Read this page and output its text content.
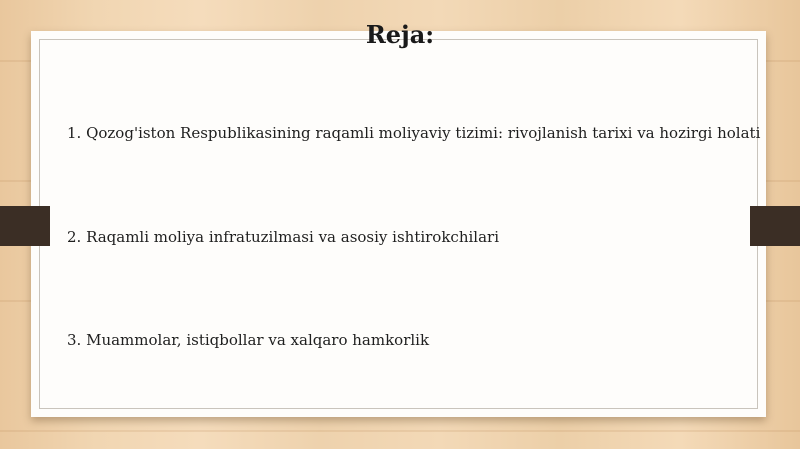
Reja:
1. Qozog'iston Respublikasining raqamli moliyaviy tizimi: rivojlanish tarixi va hozirgi holati
2. Raqamli moliya infratuzilmasi va asosiy ishtirokchilari
3. Muammolar, istiqbollar va xalqaro hamkorlik
